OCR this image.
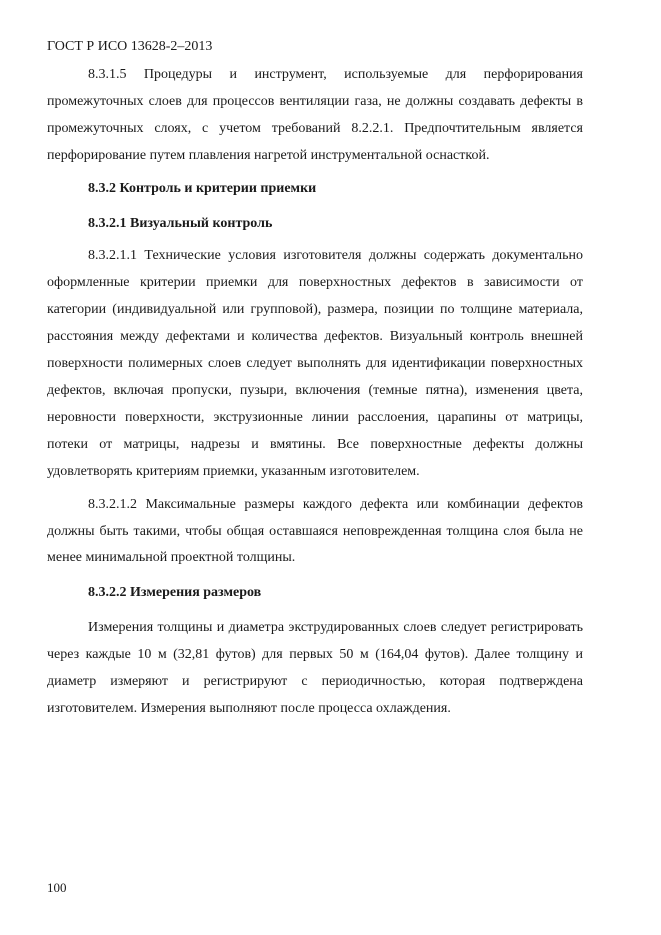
ГОСТ Р ИСО 13628-2–2013

8.3.1.5 Процедуры и инструмент, используемые для перфорирования промежуточных слоев для процессов вентиляции газа, не должны создавать дефекты в промежуточных слоях, с учетом требований 8.2.2.1. Предпочтительным является перфорирование путем плавления нагретой инструментальной оснасткой.

8.3.2 Контроль и критерии приемки
8.3.2.1 Визуальный контроль

8.3.2.1.1 Технические условия изготовителя должны содержать документально оформленные критерии приемки для поверхностных дефектов в зависимости от категории (индивидуальной или групповой), размера, позиции по толщине материала, расстояния между дефектами и количества дефектов. Визуальный контроль внешней поверхности полимерных слоев следует выполнять для идентификации поверхностных дефектов, включая пропуски, пузыри, включения (темные пятна), изменения цвета, неровности поверхности, экструзионные линии расслоения, царапины от матрицы, потеки от матрицы, надрезы и вмятины. Все поверхностные дефекты должны удовлетворять критериям приемки, указанным изготовителем.

8.3.2.1.2 Максимальные размеры каждого дефекта или комбинации дефектов должны быть такими, чтобы общая оставшаяся неповрежденная толщина слоя была не менее минимальной проектной толщины.

8.3.2.2 Измерения размеров

Измерения толщины и диаметра экструдированных слоев следует регистрировать через каждые 10 м (32,81 футов) для первых 50 м (164,04 футов). Далее толщину и диаметр измеряют и регистрируют с периодичностью, которая подтверждена изготовителем. Измерения выполняют после процесса охлаждения.

100
